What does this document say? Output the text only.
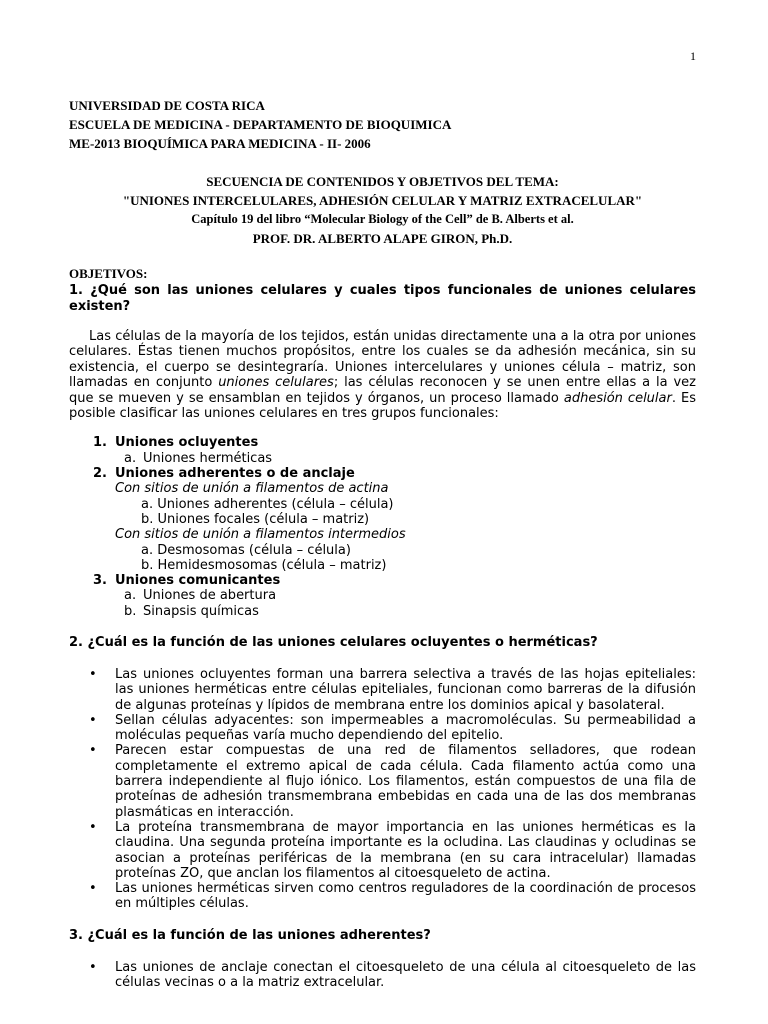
1
UNIVERSIDAD DE COSTA RICA
ESCUELA DE MEDICINA - DEPARTAMENTO DE BIOQUIMICA
ME-2013 BIOQUÍMICA PARA MEDICINA - II- 2006
SECUENCIA DE CONTENIDOS Y OBJETIVOS DEL TEMA:
"UNIONES INTERCELULARES, ADHESIÓN CELULAR Y MATRIZ EXTRACELULAR"
Capítulo 19 del libro “Molecular Biology of the Cell” de B. Alberts et al.
PROF. DR. ALBERTO ALAPE GIRON, Ph.D.
OBJETIVOS:
1. ¿Qué son las uniones celulares y cuales tipos funcionales de uniones celulares existen?
Las células de la mayoría de los tejidos, están unidas directamente una a la otra por uniones celulares. Éstas tienen muchos propósitos, entre los cuales se da adhesión mecánica, sin su existencia, el cuerpo se desintegraría. Uniones intercelulares y uniones célula – matriz, son llamadas en conjunto uniones celulares; las células reconocen y se unen entre ellas a la vez que se mueven y se ensamblan en tejidos y órganos, un proceso llamado adhesión celular. Es posible clasificar las uniones celulares en tres grupos funcionales:
1. Uniones ocluyentes
a. Uniones herméticas
2. Uniones adherentes o de anclaje
Con sitios de unión a filamentos de actina
a. Uniones adherentes (célula – célula)
b. Uniones focales (célula – matriz)
Con sitios de unión a filamentos intermedios
a. Desmosomas (célula – célula)
b. Hemidesmosomas (célula – matriz)
3. Uniones comunicantes
a. Uniones de abertura
b. Sinapsis químicas
2. ¿Cuál es la función de las uniones celulares ocluyentes o herméticas?
• Las uniones ocluyentes forman una barrera selectiva a través de las hojas epiteliales: las uniones herméticas entre células epiteliales, funcionan como barreras de la difusión de algunas proteínas y lípidos de membrana entre los dominios apical y basolateral.
• Sellan células adyacentes: son impermeables a macromoléculas. Su permeabilidad a moléculas pequeñas varía mucho dependiendo del epitelio.
• Parecen estar compuestas de una red de filamentos selladores, que rodean completamente el extremo apical de cada célula. Cada filamento actúa como una barrera independiente al flujo iónico. Los filamentos, están compuestos de una fila de proteínas de adhesión transmembrana embebidas en cada una de las dos membranas plasmáticas en interacción.
• La proteína transmembrana de mayor importancia en las uniones herméticas es la claudina. Una segunda proteína importante es la ocludina. Las claudinas y ocludinas se asocian a proteínas periféricas de la membrana (en su cara intracelular) llamadas proteínas ZO, que anclan los filamentos al citoesqueleto de actina.
• Las uniones herméticas sirven como centros reguladores de la coordinación de procesos en múltiples células.
3. ¿Cuál es la función de las uniones adherentes?
• Las uniones de anclaje conectan el citoesqueleto de una célula al citoesqueleto de las células vecinas o a la matriz extracelular.
